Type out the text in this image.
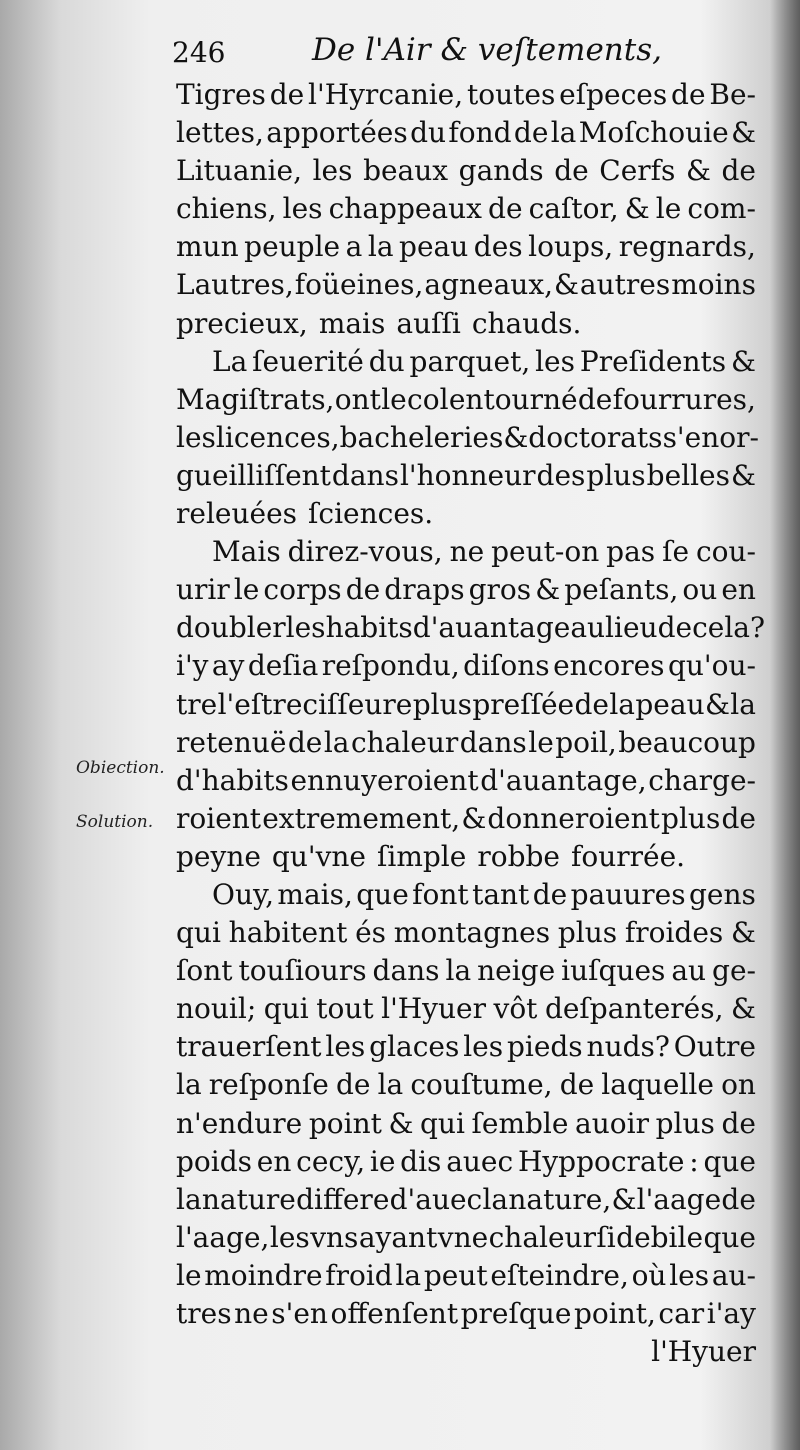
246	De l'Air & veſtements,
Tigres de l'Hyrcanie, toutes eſpeces de Be-
lettes, apportées du fond de la Moſchouie &
Lituanie, les beaux gands de Cerfs & de
chiens, les chappeaux de caſtor, & le com-
mun peuple a la peau des loups, regnards,
Lautres, foüeines, agneaux, & autres moins
precieux, mais auſſi chauds.
La ſeuerité du parquet, les Preſidents &
Magiſtrats, ont le col entourné de fourrures,
les licences, bacheleries & doctorats s'en or-
gueilliſſent dans l'honneur des plus belles &
releuées ſciences.
Mais direz-vous, ne peut-on pas ſe cou-
urir le corps de draps gros & peſants, ou en
doubler les habits d'auantage au lieu de cela?
i'y ay deſia reſpondu, diſons encores qu'ou-
tre l'eſtreciſſeure plus preſſée de la peau & la
retenuë de la chaleur dans le poil, beaucoup
d'habits ennuyeroient d'auantage, charge-
roient extremement, & donneroient plus de
peyne qu'vne ſimple robbe fourrée.
Ouy, mais, que font tant de pauures gens
qui habitent és montagnes plus froides &
ſont touſiours dans la neige iuſques au ge-
nouil; qui tout l'Hyuer vôt deſpanterés, &
trauerſent les glaces les pieds nuds? Outre
la reſponſe de la couſtume, de laquelle on
n'endure point & qui ſemble auoir plus de
poids en cecy, ie dis auec Hyppocrate : que
la nature differe d'auec la nature, & l'aage de
l'aage, les vns ayant vne chaleur ſi debile que
le moindre froid la peut eſteindre, où les au-
tres ne s'en offenſent preſque point, car i'ay
l'Hyuer
Obiection.
Solution.
